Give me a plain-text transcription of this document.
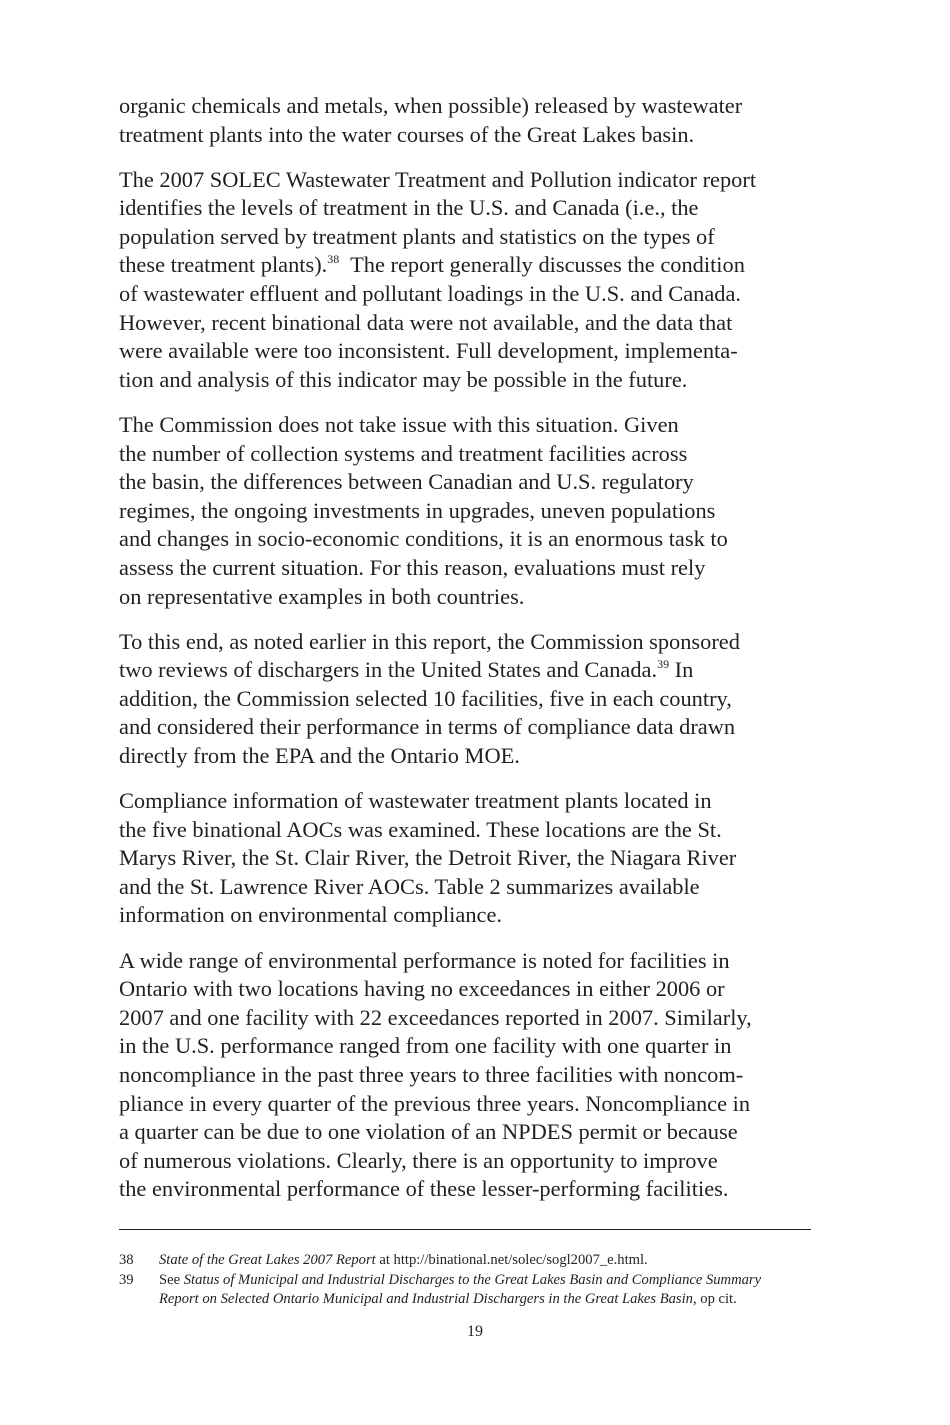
organic chemicals and metals, when possible) released by wastewater
treatment plants into the water courses of the Great Lakes basin.

The 2007 SOLEC Wastewater Treatment and Pollution indicator report
identifies the levels of treatment in the U.S. and Canada (i.e., the
population served by treatment plants and statistics on the types of
these treatment plants).$^{38}$  The report generally discusses the condition
of wastewater effluent and pollutant loadings in the U.S. and Canada.
However, recent binational data were not available, and the data that
were available were too inconsistent. Full development, implementa-
tion and analysis of this indicator may be possible in the future.

The Commission does not take issue with this situation. Given
the number of collection systems and treatment facilities across
the basin, the differences between Canadian and U.S. regulatory
regimes, the ongoing investments in upgrades, uneven populations
and changes in socio-economic conditions, it is an enormous task to
assess the current situation. For this reason, evaluations must rely
on representative examples in both countries.

To this end, as noted earlier in this report, the Commission sponsored
two reviews of dischargers in the United States and Canada.$^{39}$ In
addition, the Commission selected 10 facilities, five in each country,
and considered their performance in terms of compliance data drawn
directly from the EPA and the Ontario MOE.

Compliance information of wastewater treatment plants located in
the five binational AOCs was examined. These locations are the St.
Marys River, the St. Clair River, the Detroit River, the Niagara River
and the St. Lawrence River AOCs. Table 2 summarizes available
information on environmental compliance.

A wide range of environmental performance is noted for facilities in
Ontario with two locations having no exceedances in either 2006 or
2007 and one facility with 22 exceedances reported in 2007. Similarly,
in the U.S. performance ranged from one facility with one quarter in
noncompliance in the past three years to three facilities with noncom-
pliance in every quarter of the previous three years. Noncompliance in
a quarter can be due to one violation of an NPDES permit or because
of numerous violations. Clearly, there is an opportunity to improve
the environmental performance of these lesser-performing facilities.

38 State of the Great Lakes 2007 Report at http://binational.net/solec/sogl2007_e.html.
39 See Status of Municipal and Industrial Discharges to the Great Lakes Basin and Compliance Summary
Report on Selected Ontario Municipal and Industrial Dischargers in the Great Lakes Basin, op cit.
19
